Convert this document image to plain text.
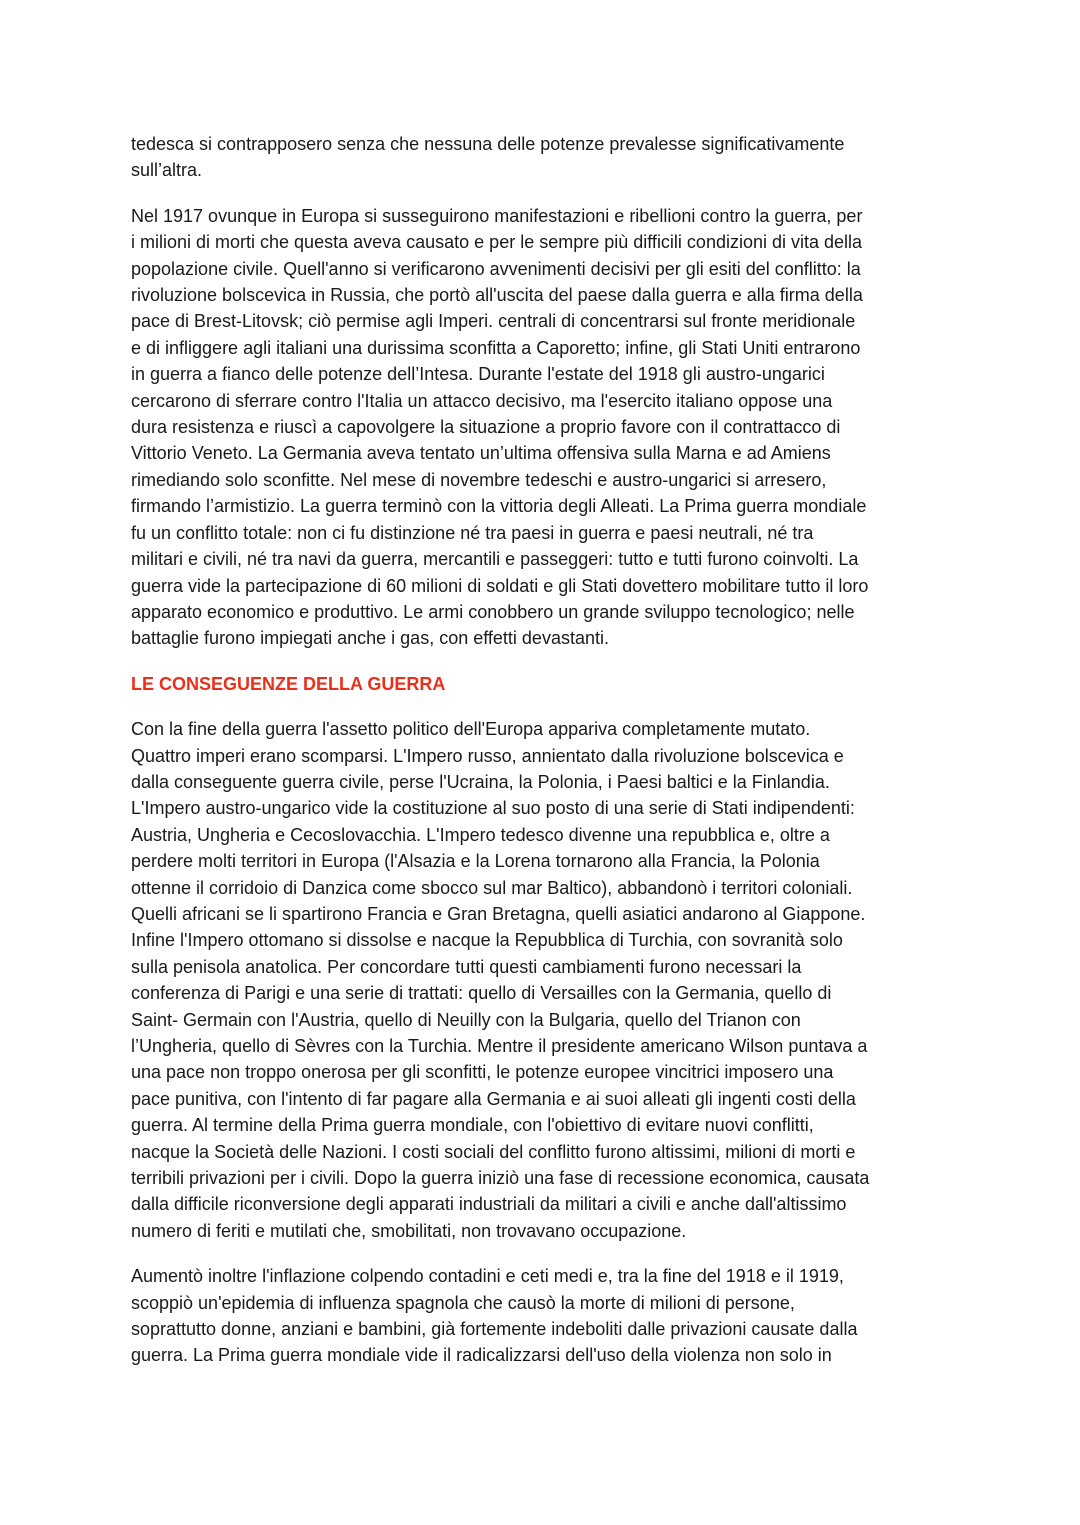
tedesca si contrapposero senza che nessuna delle potenze prevalesse significativamente
sull’altra.

Nel 1917 ovunque in Europa si susseguirono manifestazioni e ribellioni contro la guerra, per
i milioni di morti che questa aveva causato e per le sempre più difficili condizioni di vita della
popolazione civile. Quell'anno si verificarono avvenimenti decisivi per gli esiti del conflitto: la
rivoluzione bolscevica in Russia, che portò all'uscita del paese dalla guerra e alla firma della
pace di Brest-Litovsk; ciò permise agli Imperi. centrali di concentrarsi sul fronte meridionale
e di infliggere agli italiani una durissima sconfitta a Caporetto; infine, gli Stati Uniti entrarono
in guerra a fianco delle potenze dell’Intesa. Durante l'estate del 1918 gli austro-ungarici
cercarono di sferrare contro l'Italia un attacco decisivo, ma l'esercito italiano oppose una
dura resistenza e riuscì a capovolgere la situazione a proprio favore con il contrattacco di
Vittorio Veneto. La Germania aveva tentato un’ultima offensiva sulla Marna e ad Amiens
rimediando solo sconfitte. Nel mese di novembre tedeschi e austro-ungarici si arresero,
firmando l’armistizio. La guerra terminò con la vittoria degli Alleati. La Prima guerra mondiale
fu un conflitto totale: non ci fu distinzione né tra paesi in guerra e paesi neutrali, né tra
militari e civili, né tra navi da guerra, mercantili e passeggeri: tutto e tutti furono coinvolti. La
guerra vide la partecipazione di 60 milioni di soldati e gli Stati dovettero mobilitare tutto il loro
apparato economico e produttivo. Le armi conobbero un grande sviluppo tecnologico; nelle
battaglie furono impiegati anche i gas, con effetti devastanti.

LE CONSEGUENZE DELLA GUERRA

Con la fine della guerra l'assetto politico dell'Europa appariva completamente mutato.
Quattro imperi erano scomparsi. L'Impero russo, annientato dalla rivoluzione bolscevica e
dalla conseguente guerra civile, perse l'Ucraina, la Polonia, i Paesi baltici e la Finlandia.
L'Impero austro-ungarico vide la costituzione al suo posto di una serie di Stati indipendenti:
Austria, Ungheria e Cecoslovacchia. L'Impero tedesco divenne una repubblica e, oltre a
perdere molti territori in Europa (l'Alsazia e la Lorena tornarono alla Francia, la Polonia
ottenne il corridoio di Danzica come sbocco sul mar Baltico), abbandonò i territori coloniali.
Quelli africani se li spartirono Francia e Gran Bretagna, quelli asiatici andarono al Giappone.
Infine l'Impero ottomano si dissolse e nacque la Repubblica di Turchia, con sovranità solo
sulla penisola anatolica. Per concordare tutti questi cambiamenti furono necessari la
conferenza di Parigi e una serie di trattati: quello di Versailles con la Germania, quello di
Saint- Germain con l'Austria, quello di Neuilly con la Bulgaria, quello del Trianon con
l’Ungheria, quello di Sèvres con la Turchia. Mentre il presidente americano Wilson puntava a
una pace non troppo onerosa per gli sconfitti, le potenze europee vincitrici imposero una
pace punitiva, con l'intento di far pagare alla Germania e ai suoi alleati gli ingenti costi della
guerra. Al termine della Prima guerra mondiale, con l'obiettivo di evitare nuovi conflitti,
nacque la Società delle Nazioni. I costi sociali del conflitto furono altissimi, milioni di morti e
terribili privazioni per i civili. Dopo la guerra iniziò una fase di recessione economica, causata
dalla difficile riconversione degli apparati industriali da militari a civili e anche dall'altissimo
numero di feriti e mutilati che, smobilitati, non trovavano occupazione.

Aumentò inoltre l'inflazione colpendo contadini e ceti medi e, tra la fine del 1918 e il 1919,
scoppiò un'epidemia di influenza spagnola che causò la morte di milioni di persone,
soprattutto donne, anziani e bambini, già fortemente indeboliti dalle privazioni causate dalla
guerra. La Prima guerra mondiale vide il radicalizzarsi dell'uso della violenza non solo in
